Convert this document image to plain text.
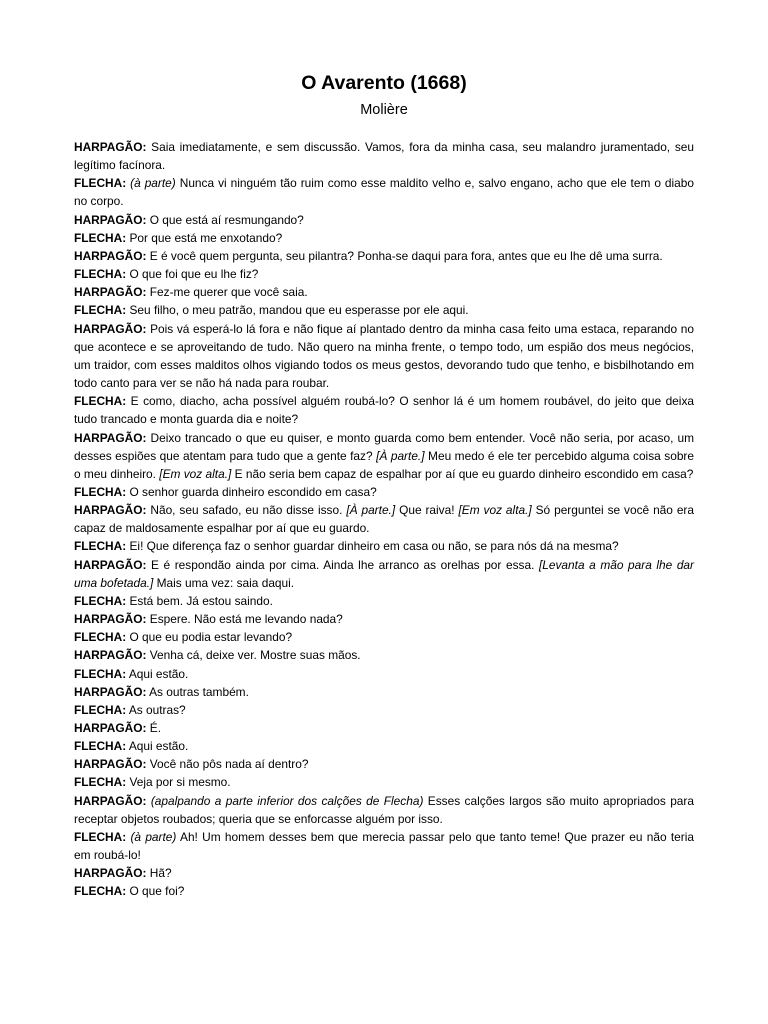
O Avarento (1668)
Molière

HARPAGÃO: Saia imediatamente, e sem discussão. Vamos, fora da minha casa, seu malandro juramentado, seu legítimo facínora.

FLECHA: (à parte) Nunca vi ninguém tão ruim como esse maldito velho e, salvo engano, acho que ele tem o diabo no corpo.

HARPAGÃO: O que está aí resmungando?

FLECHA: Por que está me enxotando?

HARPAGÃO: E é você quem pergunta, seu pilantra? Ponha-se daqui para fora, antes que eu lhe dê uma surra.

FLECHA: O que foi que eu lhe fiz?

HARPAGÃO: Fez-me querer que você saia.

FLECHA: Seu filho, o meu patrão, mandou que eu esperasse por ele aqui.

HARPAGÃO: Pois vá esperá-lo lá fora e não fique aí plantado dentro da minha casa feito uma estaca, reparando no que acontece e se aproveitando de tudo. Não quero na minha frente, o tempo todo, um espião dos meus negócios, um traidor, com esses malditos olhos vigiando todos os meus gestos, devorando tudo que tenho, e bisbilhotando em todo canto para ver se não há nada para roubar.

FLECHA: E como, diacho, acha possível alguém roubá-lo? O senhor lá é um homem roubável, do jeito que deixa tudo trancado e monta guarda dia e noite?

HARPAGÃO: Deixo trancado o que eu quiser, e monto guarda como bem entender. Você não seria, por acaso, um desses espiões que atentam para tudo que a gente faz? [À parte.] Meu medo é ele ter percebido alguma coisa sobre o meu dinheiro. [Em voz alta.] E não seria bem capaz de espalhar por aí que eu guardo dinheiro escondido em casa?

FLECHA: O senhor guarda dinheiro escondido em casa?

HARPAGÃO: Não, seu safado, eu não disse isso. [À parte.] Que raiva! [Em voz alta.] Só perguntei se você não era capaz de maldosamente espalhar por aí que eu guardo.

FLECHA: Ei! Que diferença faz o senhor guardar dinheiro em casa ou não, se para nós dá na mesma?

HARPAGÃO: E é respondão ainda por cima. Ainda lhe arranco as orelhas por essa. [Levanta a mão para lhe dar uma bofetada.] Mais uma vez: saia daqui.

FLECHA: Está bem. Já estou saindo.

HARPAGÃO: Espere. Não está me levando nada?

FLECHA: O que eu podia estar levando?

HARPAGÃO: Venha cá, deixe ver. Mostre suas mãos.

FLECHA: Aqui estão.

HARPAGÃO: As outras também.

FLECHA: As outras?

HARPAGÃO: É.

FLECHA: Aqui estão.

HARPAGÃO: Você não pôs nada aí dentro?

FLECHA: Veja por si mesmo.

HARPAGÃO: (apalpando a parte inferior dos calções de Flecha) Esses calções largos são muito apropriados para receptar objetos roubados; queria que se enforcasse alguém por isso.

FLECHA: (à parte) Ah! Um homem desses bem que merecia passar pelo que tanto teme! Que prazer eu não teria em roubá-lo!

HARPAGÃO: Hã?

FLECHA: O que foi?
